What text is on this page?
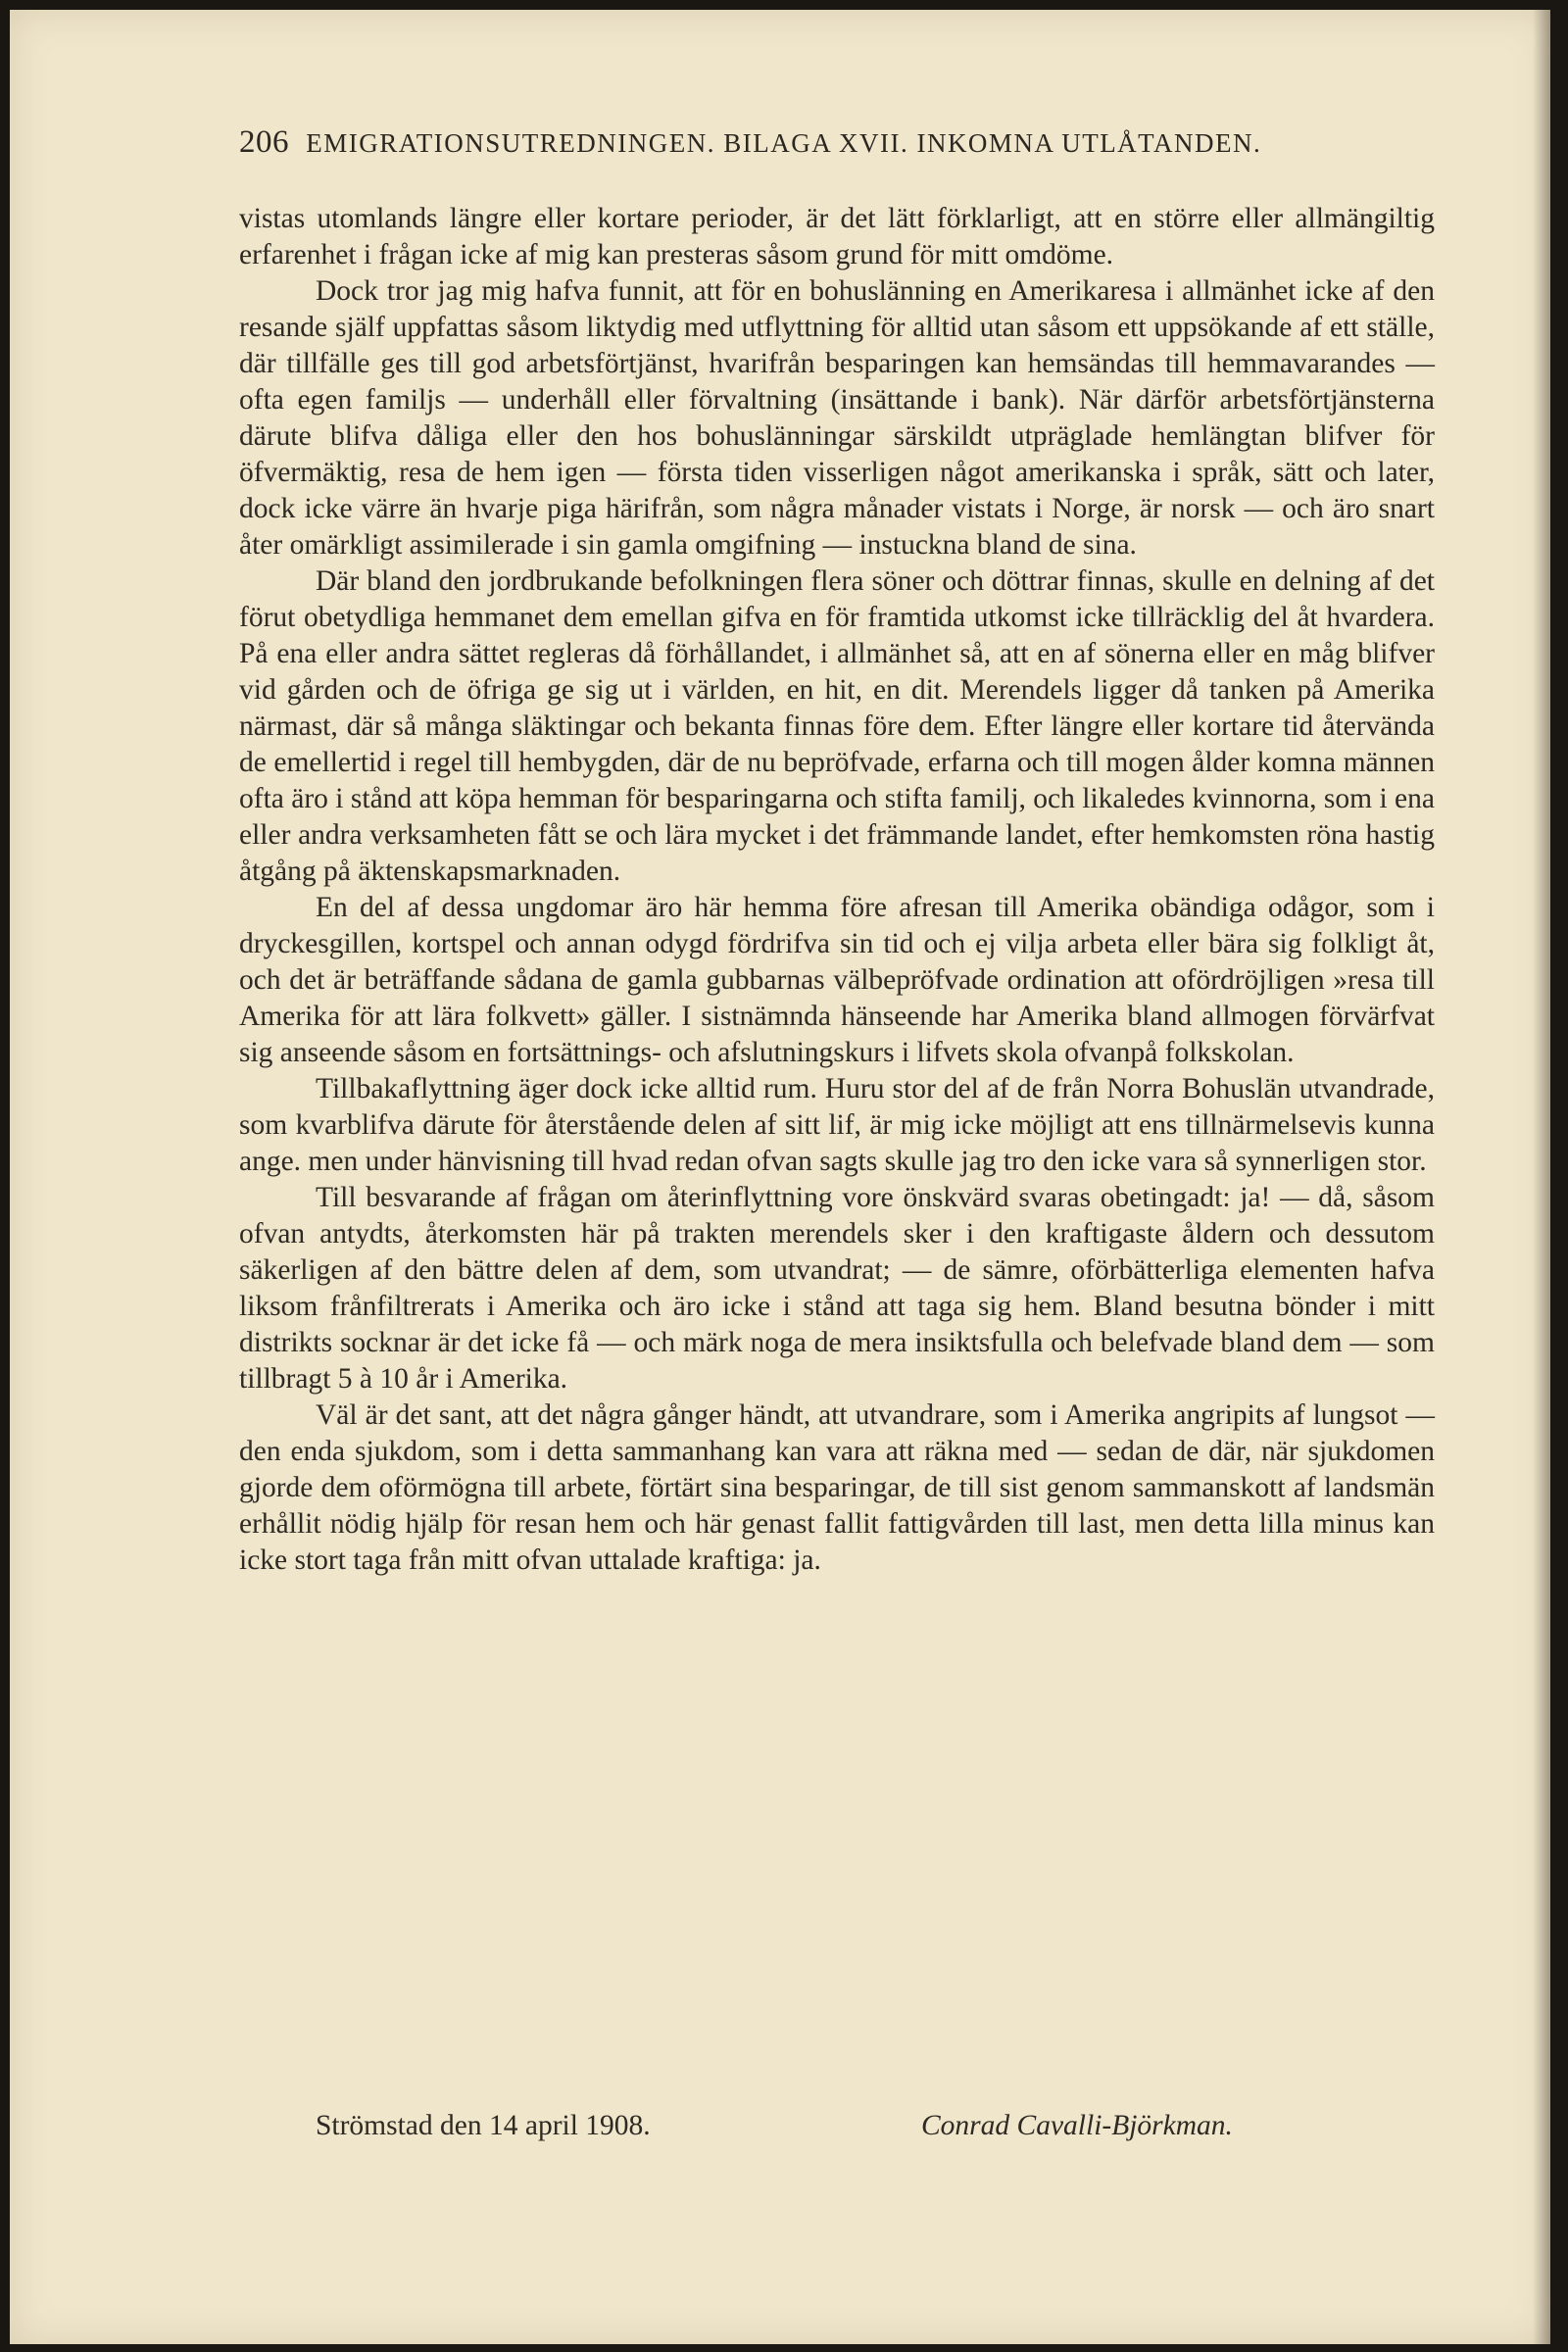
206 EMIGRATIONSUTREDNINGEN. BILAGA XVII. INKOMNA UTLÅTANDEN.

vistas utomlands längre eller kortare perioder, är det lätt förklarligt, att en större eller allmängiltig erfarenhet i frågan icke af mig kan presteras såsom grund för mitt omdöme.

Dock tror jag mig hafva funnit, att för en bohuslänning en Amerikaresa i allmänhet icke af den resande själf uppfattas såsom liktydig med utflyttning för alltid utan såsom ett uppsökande af ett ställe, där tillfälle ges till god arbetsförtjänst, hvarifrån besparingen kan hemsändas till hemmavarandes — ofta egen familjs — underhåll eller förvaltning (insättande i bank). När därför arbetsförtjänsterna därute blifva dåliga eller den hos bohuslänningar särskildt utpräglade hemlängtan blifver för öfvermäktig, resa de hem igen — första tiden visserligen något amerikanska i språk, sätt och later, dock icke värre än hvarje piga härifrån, som några månader vistats i Norge, är norsk — och äro snart åter omärkligt assimilerade i sin gamla omgifning — instuckna bland de sina.

Där bland den jordbrukande befolkningen flera söner och döttrar finnas, skulle en delning af det förut obetydliga hemmanet dem emellan gifva en för framtida utkomst icke tillräcklig del åt hvardera. På ena eller andra sättet regleras då förhållandet, i allmänhet så, att en af sönerna eller en måg blifver vid gården och de öfriga ge sig ut i världen, en hit, en dit. Merendels ligger då tanken på Amerika närmast, där så många släktingar och bekanta finnas före dem. Efter längre eller kortare tid återvända de emellertid i regel till hembygden, där de nu bepröfvade, erfarna och till mogen ålder komna männen ofta äro i stånd att köpa hemman för besparingarna och stifta familj, och likaledes kvinnorna, som i ena eller andra verksamheten fått se och lära mycket i det främmande landet, efter hemkomsten röna hastig åtgång på äktenskapsmarknaden.

En del af dessa ungdomar äro här hemma före afresan till Amerika obändiga odågor, som i dryckesgillen, kortspel och annan odygd fördrifva sin tid och ej vilja arbeta eller bära sig folkligt åt, och det är beträffande sådana de gamla gubbarnas välbepröfvade ordination att ofördröjligen »resa till Amerika för att lära folkvett» gäller. I sistnämnda hänseende har Amerika bland allmogen förvärfvat sig anseende såsom en fortsättnings- och afslutningskurs i lifvets skola ofvanpå folkskolan.

Tillbakaflyttning äger dock icke alltid rum. Huru stor del af de från Norra Bohuslän utvandrade, som kvarblifva därute för återstående delen af sitt lif, är mig icke möjligt att ens tillnärmelsevis kunna ange. men under hänvisning till hvad redan ofvan sagts skulle jag tro den icke vara så synnerligen stor.

Till besvarande af frågan om återinflyttning vore önskvärd svaras obetingadt: ja! — då, såsom ofvan antydts, återkomsten här på trakten merendels sker i den kraftigaste åldern och dessutom säkerligen af den bättre delen af dem, som utvandrat; — de sämre, oförbätterliga elementen hafva liksom frånfiltrerats i Amerika och äro icke i stånd att taga sig hem. Bland besutna bönder i mitt distrikts socknar är det icke få — och märk noga de mera insiktsfulla och belefvade bland dem — som tillbragt 5 à 10 år i Amerika.

Väl är det sant, att det några gånger händt, att utvandrare, som i Amerika angripits af lungsot — den enda sjukdom, som i detta sammanhang kan vara att räkna med — sedan de där, när sjukdomen gjorde dem oförmögna till arbete, förtärt sina besparingar, de till sist genom sammanskott af landsmän erhållit nödig hjälp för resan hem och här genast fallit fattigvården till last, men detta lilla minus kan icke stort taga från mitt ofvan uttalade kraftiga: ja.

Strömstad den 14 april 1908.	Conrad Cavalli-Björkman.
